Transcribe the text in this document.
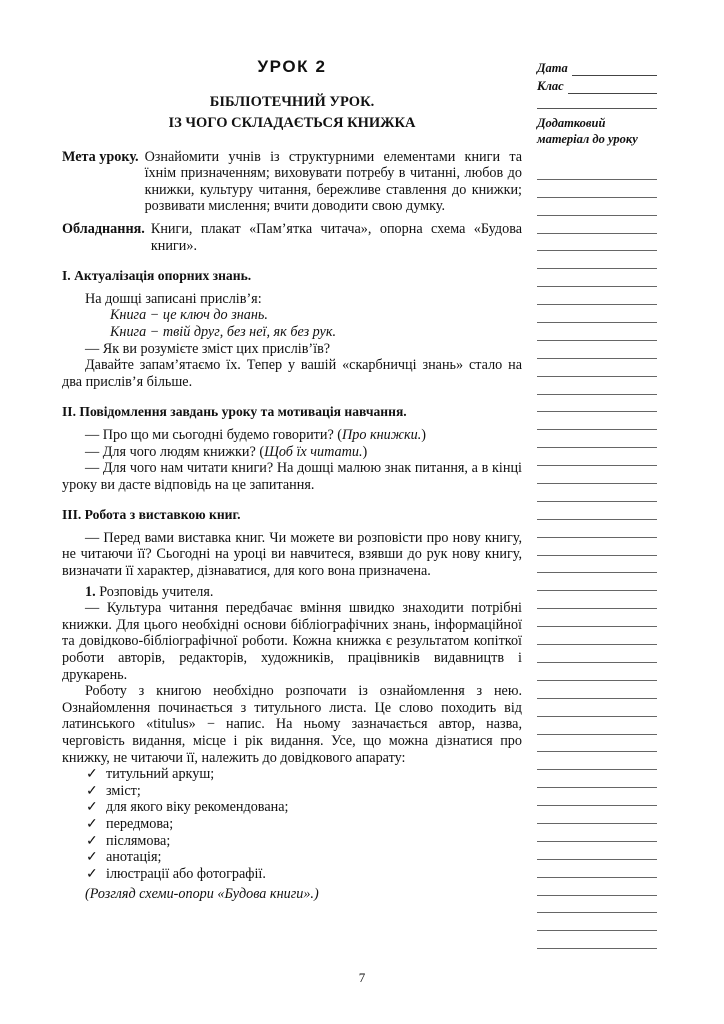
УРОК 2
БІБЛІОТЕЧНИЙ УРОК.
ІЗ ЧОГО СКЛАДАЄТЬСЯ КНИЖКА
Мета уроку. Ознайомити учнів із структурними елементами книги та їхнім призначенням; виховувати потребу в читанні, любов до книжки, культуру читання, бережливе ставлення до книжки; розвивати мислення; вчити доводити свою думку.
Обладнання. Книги, плакат «Пам’ятка читача», опорна схема «Будова книги».
І. Актуалізація опорних знань.

На дошці записані прислів’я:

Книга − це ключ до знань.

Книга − твій друг, без неї, як без рук.

— Як ви розумієте зміст цих прислів’їв?

Давайте запам’ятаємо їх. Тепер у вашій «скарбничці знань» стало на два прислів’я більше.

ІІ. Повідомлення завдань уроку та мотивація навчання.

— Про що ми сьогодні будемо говорити? (Про книжки.)

— Для чого людям книжки? (Щоб їх читати.)

— Для чого нам читати книги? На дошці малюю знак питання, а в кінці уроку ви дасте відповідь на це запитання.

ІІІ. Робота з виставкою книг.

— Перед вами виставка книг. Чи можете ви розповісти про нову книгу, не читаючи її? Сьогодні на уроці ви навчитеся, взявши до рук нову книгу, визначати її характер, дізнаватися, для кого вона призначена.

1. Розповідь учителя.

— Культура читання передбачає вміння швидко знаходити потрібні книжки. Для цього необхідні основи бібліографічних знань, інформаційної та довідково-бібліографічної роботи. Кожна книжка є результатом копіткої роботи авторів, редакторів, художників, працівників видавництв і друкарень.

Роботу з книгою необхідно розпочати із ознайомлення з нею. Ознайомлення починається з титульного листа. Це слово походить від латинського «titulus» − напис. На ньому зазначається автор, назва, черговість видання, місце і рік видання. Усе, що можна дізнатися про книжку, не читаючи її, належить до довідкового апарату:

✓ титульний аркуш;
✓ зміст;
✓ для якого віку рекомендована;
✓ передмова;
✓ післямова;
✓ анотація;
✓ ілюстрації або фотографії.

(Розгляд схеми-опори «Будова книги».)

Дата
Клас
Додатковий матеріал до уроку
7
